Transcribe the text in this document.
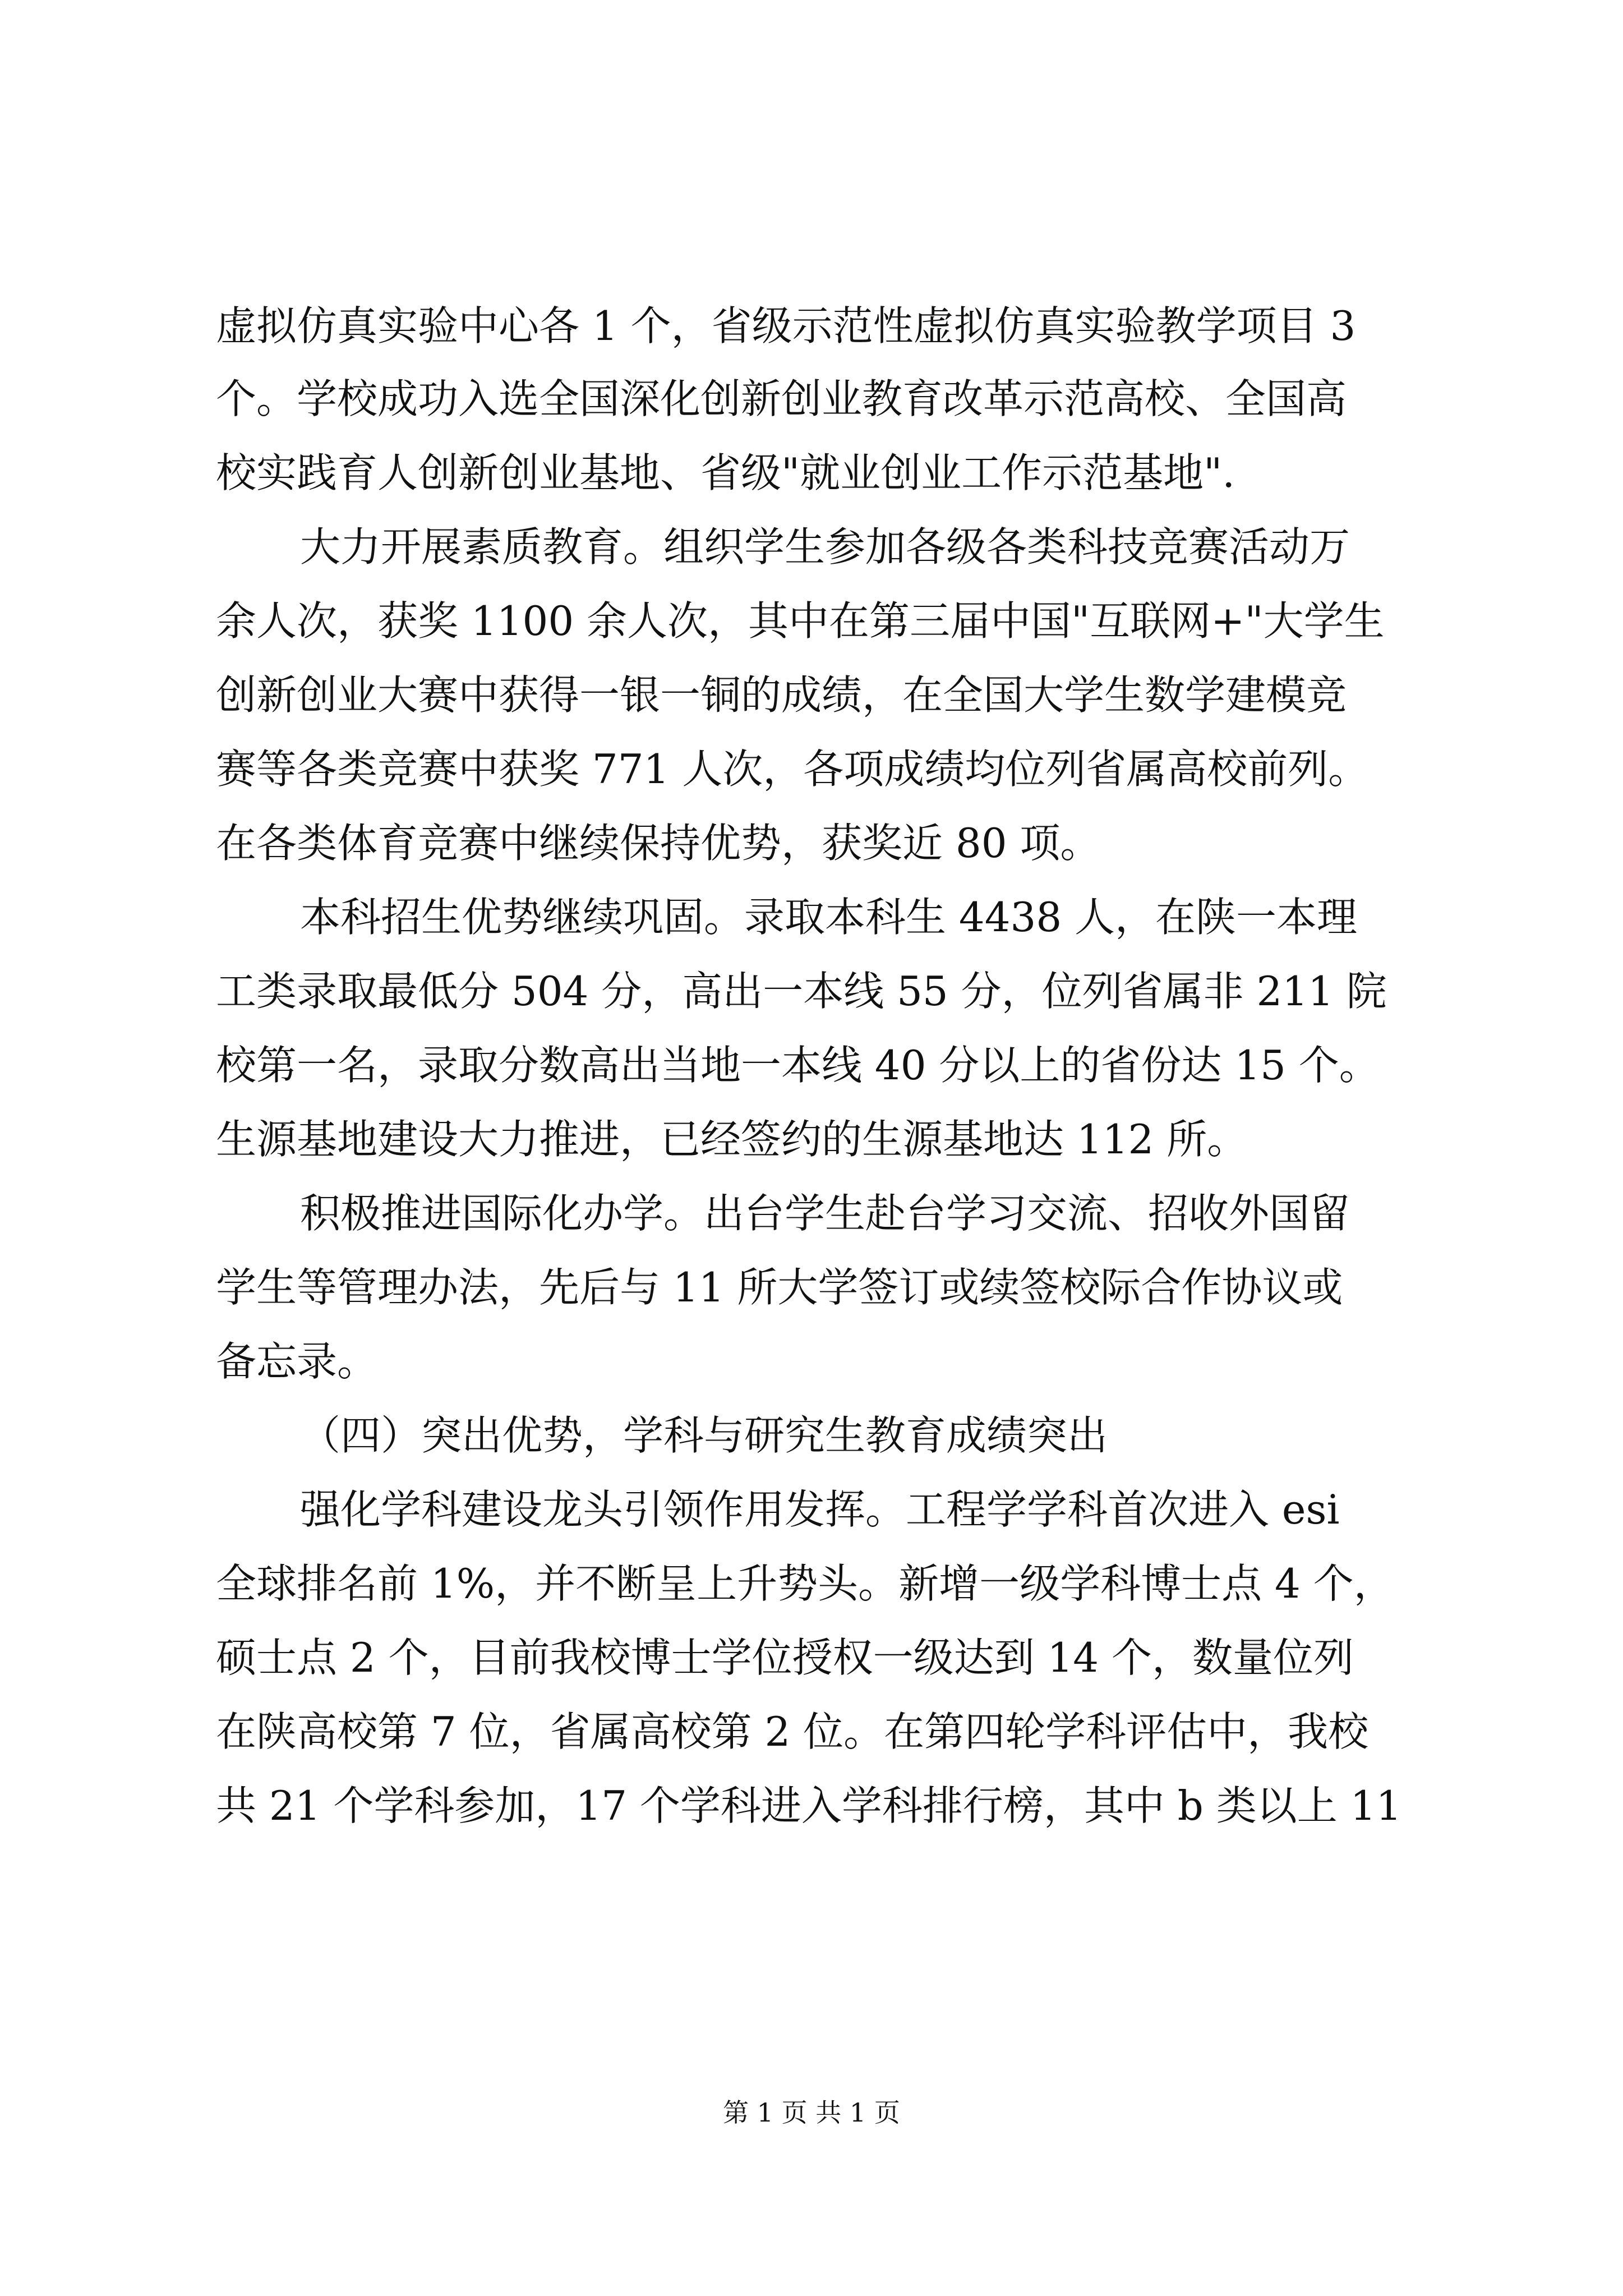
虚拟仿真实验中心各 1 个，省级示范性虚拟仿真实验教学项目 3
个。学校成功入选全国深化创新创业教育改革示范高校、全国高
校实践育人创新创业基地、省级"就业创业工作示范基地".
大力开展素质教育。组织学生参加各级各类科技竞赛活动万
余人次，获奖 1100 余人次，其中在第三届中国"互联网+"大学生
创新创业大赛中获得一银一铜的成绩，在全国大学生数学建模竞
赛等各类竞赛中获奖 771 人次，各项成绩均位列省属高校前列。
在各类体育竞赛中继续保持优势，获奖近 80 项。
本科招生优势继续巩固。录取本科生 4438 人，在陕一本理
工类录取最低分 504 分，高出一本线 55 分，位列省属非 211 院
校第一名，录取分数高出当地一本线 40 分以上的省份达 15 个。
生源基地建设大力推进，已经签约的生源基地达 112 所。
积极推进国际化办学。出台学生赴台学习交流、招收外国留
学生等管理办法，先后与 11 所大学签订或续签校际合作协议或
备忘录。
（四）突出优势，学科与研究生教育成绩突出
强化学科建设龙头引领作用发挥。工程学学科首次进入 esi
全球排名前 1%，并不断呈上升势头。新增一级学科博士点 4 个，
硕士点 2 个，目前我校博士学位授权一级达到 14 个，数量位列
在陕高校第 7 位，省属高校第 2 位。在第四轮学科评估中，我校
共 21 个学科参加，17 个学科进入学科排行榜，其中 b 类以上 11
第 1 页 共 1 页
